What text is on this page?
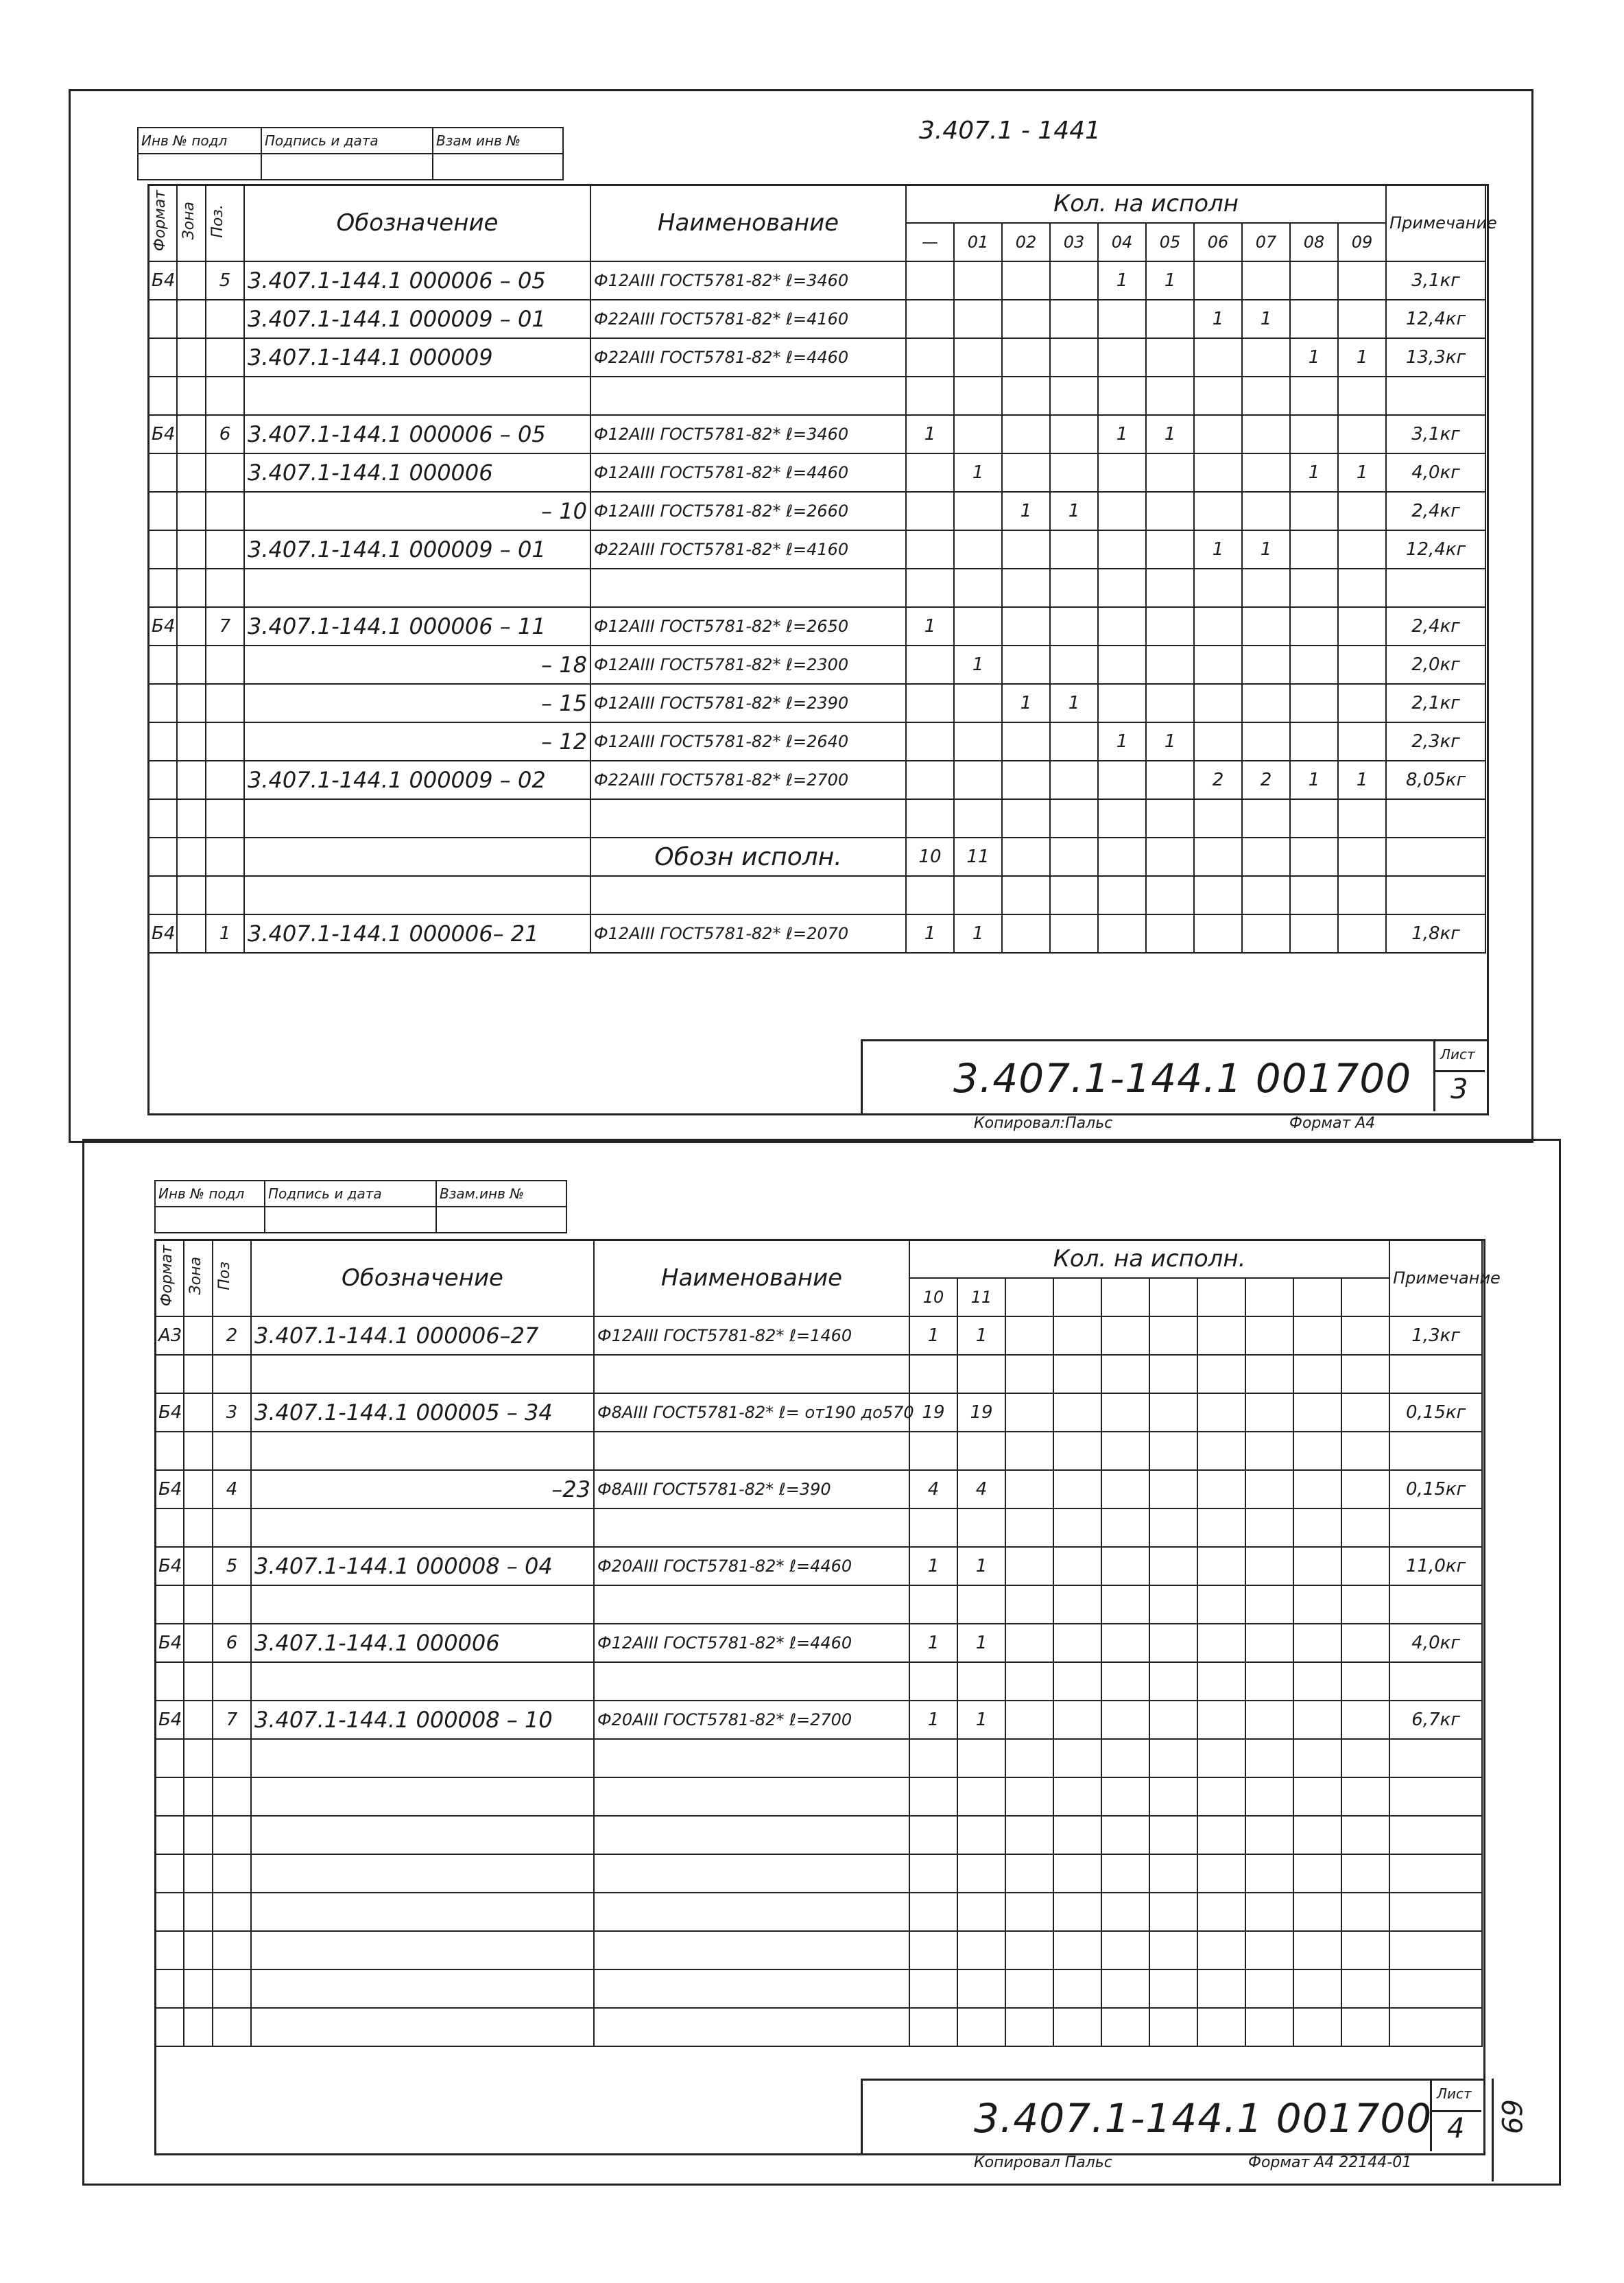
Инв № подл	Подпись и дата	Взам инв №
			3.407.1 - 1441
Формат	Зона	Поз.	Обозначение	Наименование	Кол. на исполн										Примечание
					—	01	02	03	04	05	06	07	08	09	
Б4		5	3.407.1-144.1 000006 – 05	Ф12АIII ГОСТ5781-82* ℓ=3460					1	1					3,1кг
			3.407.1-144.1 000009 – 01	Ф22АIII ГОСТ5781-82* ℓ=4160							1	1			12,4кг
			3.407.1-144.1 000009	Ф22АIII ГОСТ5781-82* ℓ=4460									1	1	13,3кг

Б4		6	3.407.1-144.1 000006 – 05	Ф12АIII ГОСТ5781-82* ℓ=3460	1				1	1					3,1кг
			3.407.1-144.1 000006	Ф12АIII ГОСТ5781-82* ℓ=4460		1							1	1	4,0кг
			– 10	Ф12АIII ГОСТ5781-82* ℓ=2660			1	1							2,4кг
			3.407.1-144.1 000009 – 01	Ф22АIII ГОСТ5781-82* ℓ=4160							1	1			12,4кг

Б4		7	3.407.1-144.1 000006 – 11	Ф12АIII ГОСТ5781-82* ℓ=2650	1										2,4кг
			– 18	Ф12АIII ГОСТ5781-82* ℓ=2300		1									2,0кг
			– 15	Ф12АIII ГОСТ5781-82* ℓ=2390			1	1							2,1кг
			– 12	Ф12АIII ГОСТ5781-82* ℓ=2640					1	1					2,3кг
			3.407.1-144.1 000009 – 02	Ф22АIII ГОСТ5781-82* ℓ=2700							2	2	1	1	8,05кг

				Обозн исполн.	10	11									

Б4		1	3.407.1-144.1 000006– 21	Ф12АIII ГОСТ5781-82* ℓ=2070	1	1									1,8кг
3.407.1-144.1 001700
Лист
3
Копировал:Пальс	Формат А4
Инв № подл	Подпись и дата	Взам.инв №

Формат	Зона	Поз	Обозначение	Наименование	Кол. на исполн.										Примечание
					10	11									
А3		2	3.407.1-144.1 000006–27	Ф12АIII ГОСТ5781-82* ℓ=1460	1	1									1,3кг

Б4		3	3.407.1-144.1 000005 – 34	Ф8АIII ГОСТ5781-82* ℓ= от190 до570	19	19									0,15кг

Б4		4	–23	Ф8АIII ГОСТ5781-82* ℓ=390	4	4									0,15кг

Б4		5	3.407.1-144.1 000008 – 04	Ф20АIII ГОСТ5781-82* ℓ=4460	1	1									11,0кг

Б4		6	3.407.1-144.1 000006	Ф12АIII ГОСТ5781-82* ℓ=4460	1	1									4,0кг

Б4		7	3.407.1-144.1 000008 – 10	Ф20АIII ГОСТ5781-82* ℓ=2700	1	1									6,7кг

3.407.1-144.1 001700
Лист
4
Копировал Пальс	Формат А4 22144-01
69
